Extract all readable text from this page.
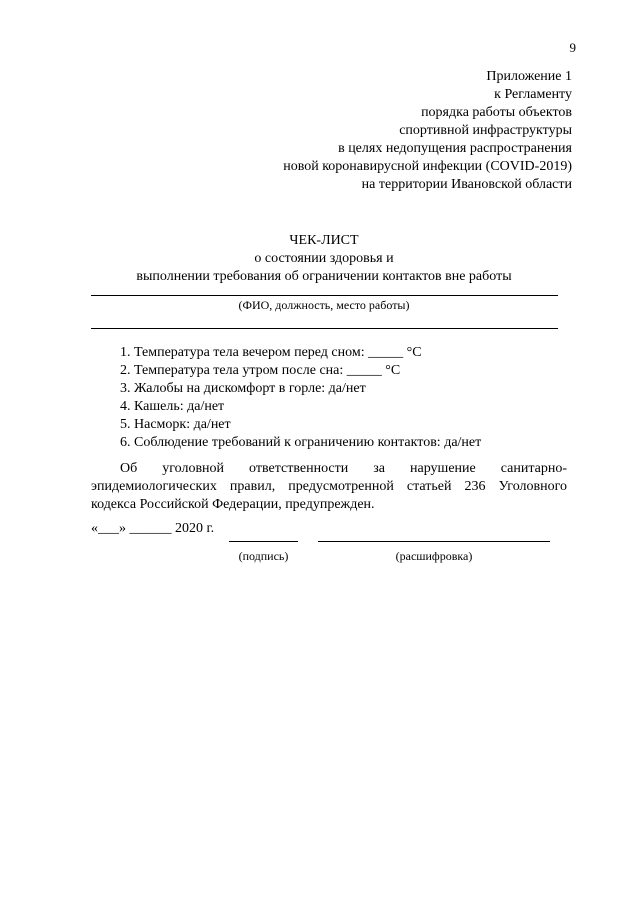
9
Приложение 1
к Регламенту
порядка работы объектов
спортивной инфраструктуры
в целях недопущения распространения
новой коронавирусной инфекции (COVID-2019)
на территории Ивановской области
ЧЕК-ЛИСТ
о состоянии здоровья и
выполнении требования об ограничении контактов вне работы
(ФИО, должность, место работы)
1. Температура тела вечером перед сном: _____ °С
2. Температура тела утром после сна: _____ °С
3. Жалобы на дискомфорт в горле: да/нет
4. Кашель: да/нет
5. Насморк: да/нет
6. Соблюдение требований к ограничению контактов: да/нет

Об уголовной ответственности за нарушение санитарно-эпидемиологических правил, предусмотренной статьей 236 Уголовного кодекса Российской Федерации, предупрежден.

«___» ______ 2020 г.
(подпись)	(расшифровка)
